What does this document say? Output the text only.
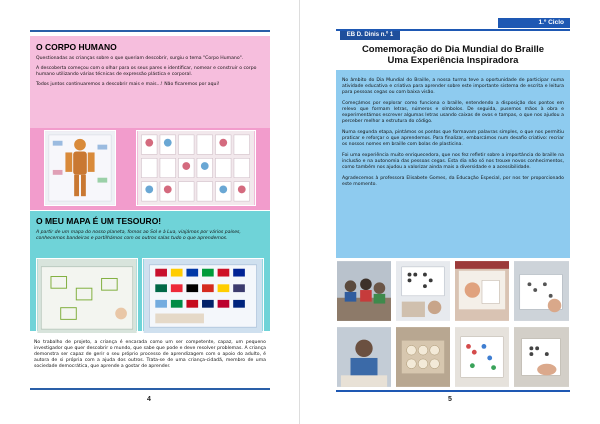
O CORPO HUMANO
Questionadas as crianças sobre o que queriam descobrir, surgiu o tema "Corpo Humano".
A descoberta começou com o olhar para os seus pares e identificar, nomear e construir o corpo humano utilizando várias técnicas de expressão plástica e corporal.
Todos juntos continuaremos a descobrir mais e mais...! Não ficaremos por aqui!
O MEU MAPA É UM TESOURO!
A partir de um mapa do nosso planeta, fomos ao Sol e à Lua, viajámos por vários países, conhecemos bandeiras e partilhámos com os outros salas tudo o que aprendemos.
No trabalho de projeto, a criança é encarada como um ser competente, capaz, um pequeno investigador que quer descobrir o mundo, que sabe que pode e deve resolver problemas. A criança demonstra ser capaz de gerir o seu próprio processo de aprendizagem com o apoio do adulto, é autora de si própria com a ajuda dos outros. Trata-se de uma criança-cidadã, membro de uma sociedade democrática, que aprende a gostar de aprender.
4
1.º Ciclo
EB D. Dinis n.º 1
Comemoração do Dia Mundial do Braille
Uma Experiência Inspiradora
No âmbito do Dia Mundial do Braille, a nossa turma teve a oportunidade de participar numa atividade educativa e criativa para aprender sobre este importante sistema de escrita e leitura para pessoas cegas ou com baixa visão.
Começámos por explorar como funciona o braille, entendendo a disposição dos pontos em relevo que formam letras, números e símbolos. De seguida, pusemos mãos à obra e experimentámos escrever algumas letras usando caixas de ovos e tampas, o que nos ajudou a perceber melhor a estrutura do código.
Numa segunda etapa, pintámos os pontos que formavam palavras simples, o que nos permitiu praticar e reforçar o que aprendemos. Para finalizar, embarcámos num desafio criativo: recriar os nossos nomes em braille com bolas de plasticina.
Foi uma experiência muito enriquecedora, que nos fez refletir sobre a importância do braille na inclusão e na autonomia das pessoas cegas. Esta dia não só nos trouxe novos conhecimentos, como também nos ajudou a valorizar ainda mais a diversidade e a acessibilidade.
Agradecemos à professora Elisabete Gomes, da Educação Especial, por nos ter proporcionado este momento.
5
